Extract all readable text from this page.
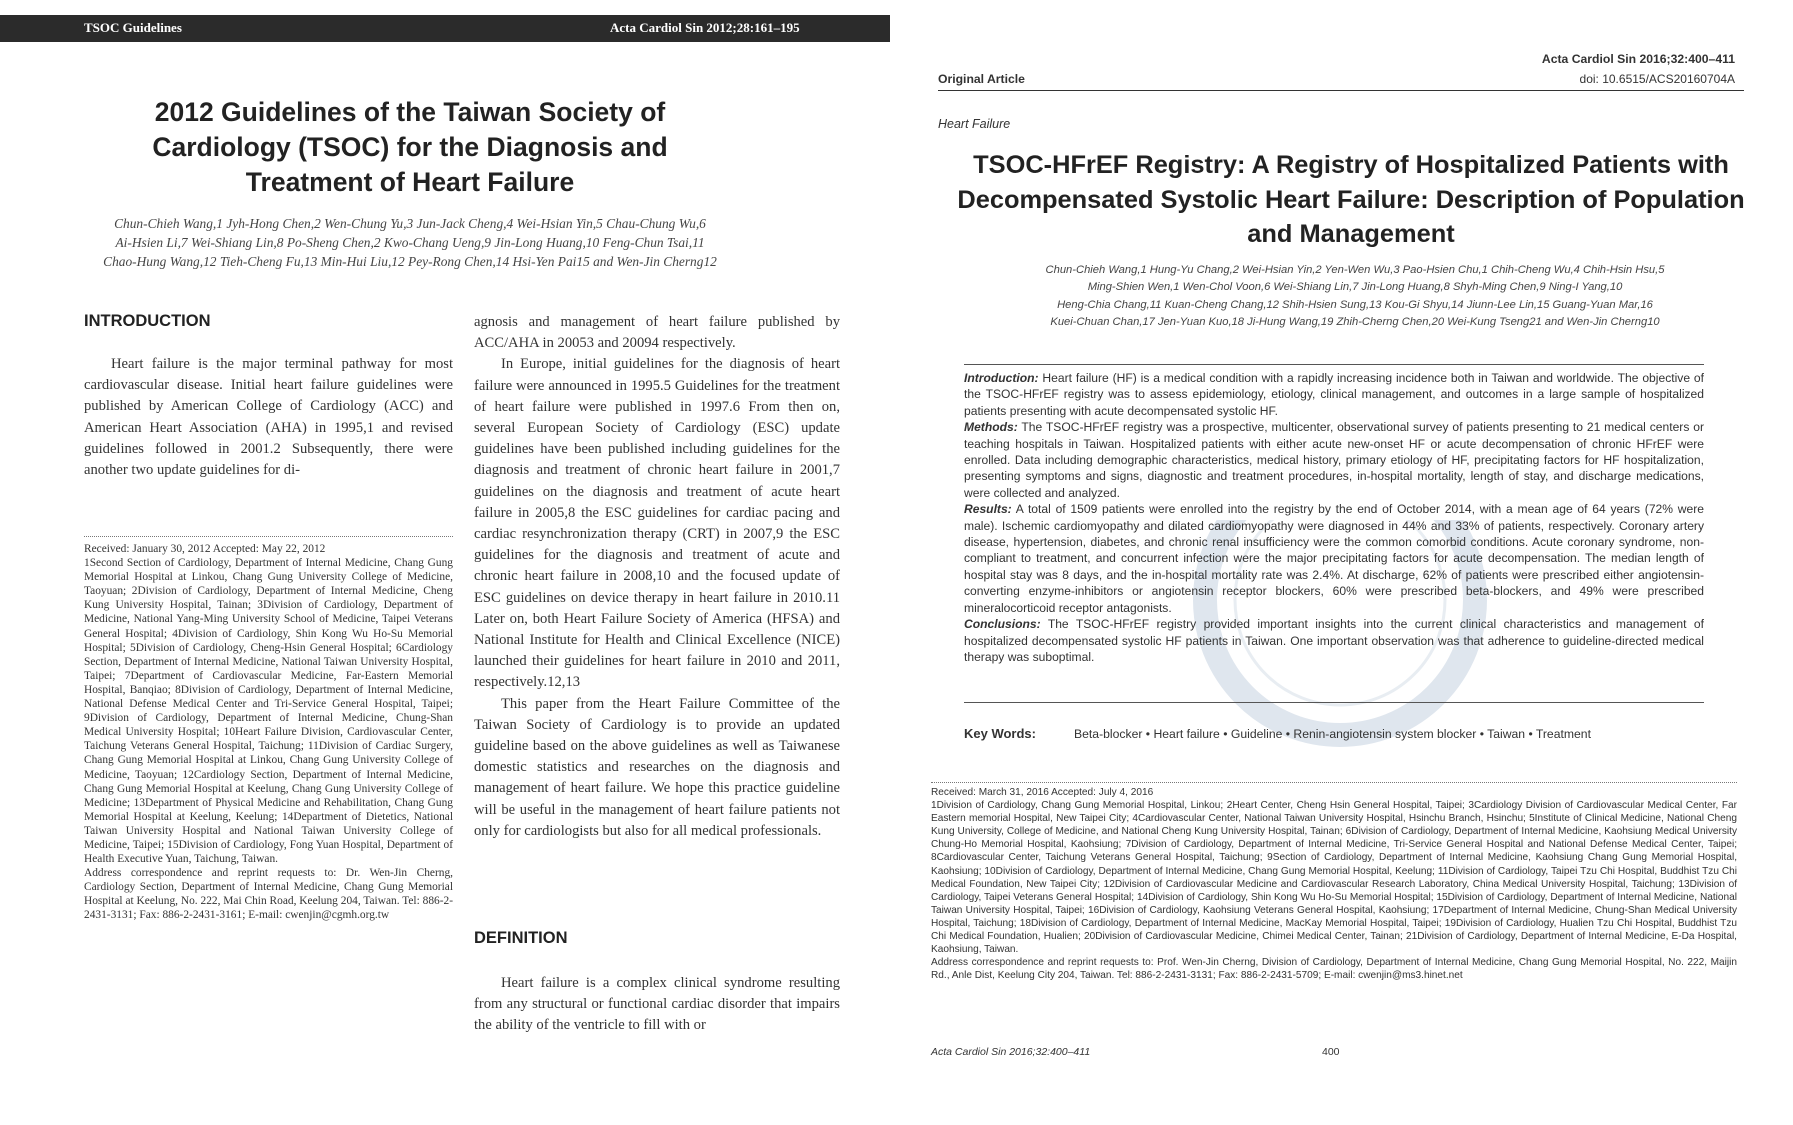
TSOC Guidelines	Acta Cardiol Sin 2012;28:161–195
2012 Guidelines of the Taiwan Society of Cardiology (TSOC) for the Diagnosis and Treatment of Heart Failure
Chun-Chieh Wang,1 Jyh-Hong Chen,2 Wen-Chung Yu,3 Jun-Jack Cheng,4 Wei-Hsian Yin,5 Chau-Chung Wu,6
Ai-Hsien Li,7 Wei-Shiang Lin,8 Po-Sheng Chen,2 Kwo-Chang Ueng,9 Jin-Long Huang,10 Feng-Chun Tsai,11
Chao-Hung Wang,12 Tieh-Cheng Fu,13 Min-Hui Liu,12 Pey-Rong Chen,14 Hsi-Yen Pai15 and Wen-Jin Cherng12
INTRODUCTION

Heart failure is the major terminal pathway for most cardiovascular disease. Initial heart failure guidelines were published by American College of Cardiology (ACC) and American Heart Association (AHA) in 1995,1 and revised guidelines followed in 2001.2 Subsequently, there were another two update guidelines for di-

Received: January 30, 2012 Accepted: May 22, 2012

1Second Section of Cardiology, Department of Internal Medicine, Chang Gung Memorial Hospital at Linkou, Chang Gung University College of Medicine, Taoyuan; 2Division of Cardiology, Department of Internal Medicine, Cheng Kung University Hospital, Tainan; 3Division of Cardiology, Department of Medicine, National Yang-Ming University School of Medicine, Taipei Veterans General Hospital; 4Division of Cardiology, Shin Kong Wu Ho-Su Memorial Hospital; 5Division of Cardiology, Cheng-Hsin General Hospital; 6Cardiology Section, Department of Internal Medicine, National Taiwan University Hospital, Taipei; 7Department of Cardiovascular Medicine, Far-Eastern Memorial Hospital, Banqiao; 8Division of Cardiology, Department of Internal Medicine, National Defense Medical Center and Tri-Service General Hospital, Taipei; 9Division of Cardiology, Department of Internal Medicine, Chung-Shan Medical University Hospital; 10Heart Failure Division, Cardiovascular Center, Taichung Veterans General Hospital, Taichung; 11Division of Cardiac Surgery, Chang Gung Memorial Hospital at Linkou, Chang Gung University College of Medicine, Taoyuan; 12Cardiology Section, Department of Internal Medicine, Chang Gung Memorial Hospital at Keelung, Chang Gung University College of Medicine; 13Department of Physical Medicine and Rehabilitation, Chang Gung Memorial Hospital at Keelung, Keelung; 14Department of Dietetics, National Taiwan University Hospital and National Taiwan University College of Medicine, Taipei; 15Division of Cardiology, Fong Yuan Hospital, Department of Health Executive Yuan, Taichung, Taiwan.

Address correspondence and reprint requests to: Dr. Wen-Jin Cherng, Cardiology Section, Department of Internal Medicine, Chang Gung Memorial Hospital at Keelung, No. 222, Mai Chin Road, Keelung 204, Taiwan. Tel: 886-2-2431-3131; Fax: 886-2-2431-3161; E-mail: cwenjin@cgmh.org.tw

agnosis and management of heart failure published by ACC/AHA in 20053 and 20094 respectively.

In Europe, initial guidelines for the diagnosis of heart failure were announced in 1995.5 Guidelines for the treatment of heart failure were published in 1997.6 From then on, several European Society of Cardiology (ESC) update guidelines have been published including guidelines for the diagnosis and treatment of chronic heart failure in 2001,7 guidelines on the diagnosis and treatment of acute heart failure in 2005,8 the ESC guidelines for cardiac pacing and cardiac resynchronization therapy (CRT) in 2007,9 the ESC guidelines for the diagnosis and treatment of acute and chronic heart failure in 2008,10 and the focused update of ESC guidelines on device therapy in heart failure in 2010.11 Later on, both Heart Failure Society of America (HFSA) and National Institute for Health and Clinical Excellence (NICE) launched their guidelines for heart failure in 2010 and 2011, respectively.12,13

This paper from the Heart Failure Committee of the Taiwan Society of Cardiology is to provide an updated guideline based on the above guidelines as well as Taiwanese domestic statistics and researches on the diagnosis and management of heart failure. We hope this practice guideline will be useful in the management of heart failure patients not only for cardiologists but also for all medical professionals.

DEFINITION

Heart failure is a complex clinical syndrome resulting from any structural or functional cardiac disorder that impairs the ability of the ventricle to fill with or

Acta Cardiol Sin 2016;32:400–411
doi: 10.6515/ACS20160704A
Original Article
Heart Failure
TSOC-HFrEF Registry: A Registry of Hospitalized Patients with Decompensated Systolic Heart Failure: Description of Population and Management
Chun-Chieh Wang,1 Hung-Yu Chang,2 Wei-Hsian Yin,2 Yen-Wen Wu,3 Pao-Hsien Chu,1 Chih-Cheng Wu,4 Chih-Hsin Hsu,5
Ming-Shien Wen,1 Wen-Chol Voon,6 Wei-Shiang Lin,7 Jin-Long Huang,8 Shyh-Ming Chen,9 Ning-I Yang,10
Heng-Chia Chang,11 Kuan-Cheng Chang,12 Shih-Hsien Sung,13 Kou-Gi Shyu,14 Jiunn-Lee Lin,15 Guang-Yuan Mar,16
Kuei-Chuan Chan,17 Jen-Yuan Kuo,18 Ji-Hung Wang,19 Zhih-Cherng Chen,20 Wei-Kung Tseng21 and Wen-Jin Cherng10

Introduction: Heart failure (HF) is a medical condition with a rapidly increasing incidence both in Taiwan and worldwide. The objective of the TSOC-HFrEF registry was to assess epidemiology, etiology, clinical management, and outcomes in a large sample of hospitalized patients presenting with acute decompensated systolic HF.

Methods: The TSOC-HFrEF registry was a prospective, multicenter, observational survey of patients presenting to 21 medical centers or teaching hospitals in Taiwan. Hospitalized patients with either acute new-onset HF or acute decompensation of chronic HFrEF were enrolled. Data including demographic characteristics, medical history, primary etiology of HF, precipitating factors for HF hospitalization, presenting symptoms and signs, diagnostic and treatment procedures, in-hospital mortality, length of stay, and discharge medications, were collected and analyzed.

Results: A total of 1509 patients were enrolled into the registry by the end of October 2014, with a mean age of 64 years (72% were male). Ischemic cardiomyopathy and dilated cardiomyopathy were diagnosed in 44% and 33% of patients, respectively. Coronary artery disease, hypertension, diabetes, and chronic renal insufficiency were the common comorbid conditions. Acute coronary syndrome, non-compliant to treatment, and concurrent infection were the major precipitating factors for acute decompensation. The median length of hospital stay was 8 days, and the in-hospital mortality rate was 2.4%. At discharge, 62% of patients were prescribed either angiotensin-converting enzyme-inhibitors or angiotensin receptor blockers, 60% were prescribed beta-blockers, and 49% were prescribed mineralocorticoid receptor antagonists.

Conclusions: The TSOC-HFrEF registry provided important insights into the current clinical characteristics and management of hospitalized decompensated systolic HF patients in Taiwan. One important observation was that adherence to guideline-directed medical therapy was suboptimal.

Key Words:	Beta-blocker • Heart failure • Guideline • Renin-angiotensin system blocker • Taiwan • Treatment

Received: March 31, 2016 Accepted: July 4, 2016

1Division of Cardiology, Chang Gung Memorial Hospital, Linkou; 2Heart Center, Cheng Hsin General Hospital, Taipei; 3Cardiology Division of Cardiovascular Medical Center, Far Eastern memorial Hospital, New Taipei City; 4Cardiovascular Center, National Taiwan University Hospital, Hsinchu Branch, Hsinchu; 5Institute of Clinical Medicine, National Cheng Kung University, College of Medicine, and National Cheng Kung University Hospital, Tainan; 6Division of Cardiology, Department of Internal Medicine, Kaohsiung Medical University Chung-Ho Memorial Hospital, Kaohsiung; 7Division of Cardiology, Department of Internal Medicine, Tri-Service General Hospital and National Defense Medical Center, Taipei; 8Cardiovascular Center, Taichung Veterans General Hospital, Taichung; 9Section of Cardiology, Department of Internal Medicine, Kaohsiung Chang Gung Memorial Hospital, Kaohsiung; 10Division of Cardiology, Department of Internal Medicine, Chang Gung Memorial Hospital, Keelung; 11Division of Cardiology, Taipei Tzu Chi Hospital, Buddhist Tzu Chi Medical Foundation, New Taipei City; 12Division of Cardiovascular Medicine and Cardiovascular Research Laboratory, China Medical University Hospital, Taichung; 13Division of Cardiology, Taipei Veterans General Hospital; 14Division of Cardiology, Shin Kong Wu Ho-Su Memorial Hospital; 15Division of Cardiology, Department of Internal Medicine, National Taiwan University Hospital, Taipei; 16Division of Cardiology, Kaohsiung Veterans General Hospital, Kaohsiung; 17Department of Internal Medicine, Chung-Shan Medical University Hospital, Taichung; 18Division of Cardiology, Department of Internal Medicine, MacKay Memorial Hospital, Taipei; 19Division of Cardiology, Hualien Tzu Chi Hospital, Buddhist Tzu Chi Medical Foundation, Hualien; 20Division of Cardiovascular Medicine, Chimei Medical Center, Tainan; 21Division of Cardiology, Department of Internal Medicine, E-Da Hospital, Kaohsiung, Taiwan.

Address correspondence and reprint requests to: Prof. Wen-Jin Cherng, Division of Cardiology, Department of Internal Medicine, Chang Gung Memorial Hospital, No. 222, Maijin Rd., Anle Dist, Keelung City 204, Taiwan. Tel: 886-2-2431-3131; Fax: 886-2-2431-5709; E-mail: cwenjin@ms3.hinet.net

Acta Cardiol Sin 2016;32:400–411	400
